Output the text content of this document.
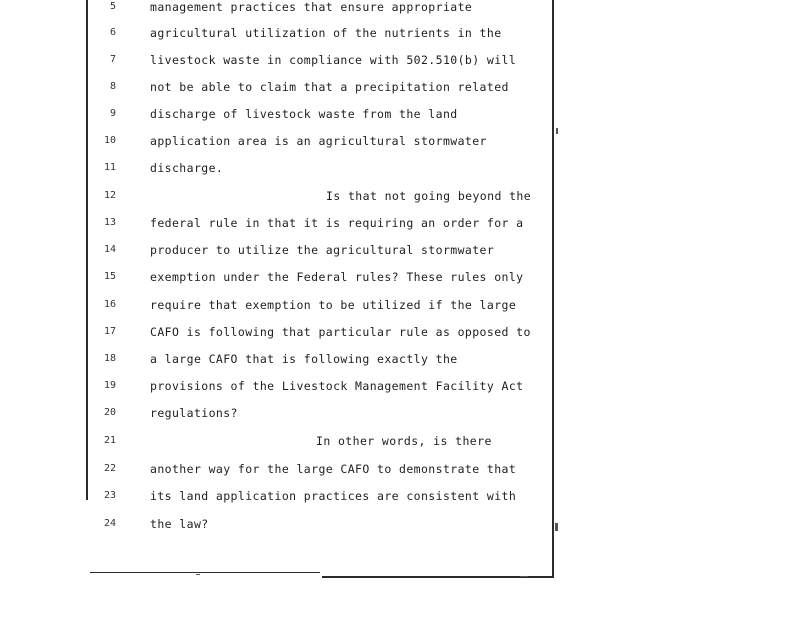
5	management practices that ensure appropriate
6	agricultural utilization of the nutrients in the
7	livestock waste in compliance with 502.510(b) will
8	not be able to claim that a precipitation related
9	discharge of livestock waste from the land
10	application area is an agricultural stormwater
11	discharge.
12	Is that not going beyond the
13	federal rule in that it is requiring an order for a
14	producer to utilize the agricultural stormwater
15	exemption under the Federal rules? These rules only
16	require that exemption to be utilized if the large
17	CAFO is following that particular rule as opposed to
18	a large CAFO that is following exactly the
19	provisions of the Livestock Management Facility Act
20	regulations?
21	In other words, is there
22	another way for the large CAFO to demonstrate that
23	its land application practices are consistent with
24	the law?
